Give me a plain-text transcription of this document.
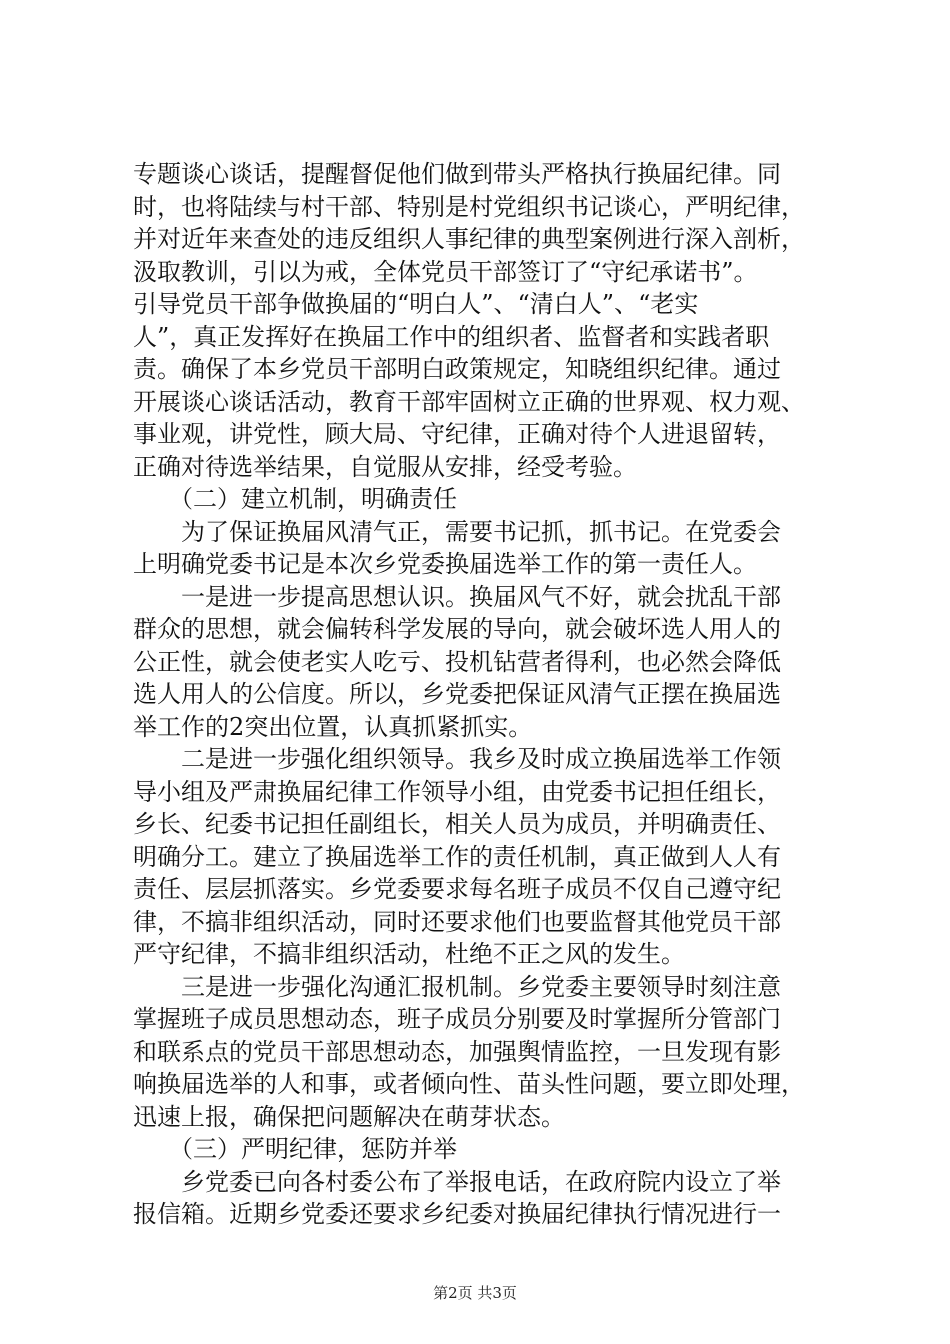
专题谈心谈话，提醒督促他们做到带头严格执行换届纪律。同
时，也将陆续与村干部、特别是村党组织书记谈心，严明纪律，
并对近年来查处的违反组织人事纪律的典型案例进行深入剖析，
汲取教训，引以为戒，全体党员干部签订了“守纪承诺书”。
引导党员干部争做换届的“明白人”、“清白人”、“老实
人”，真正发挥好在换届工作中的组织者、监督者和实践者职
责。确保了本乡党员干部明白政策规定，知晓组织纪律。通过
开展谈心谈话活动，教育干部牢固树立正确的世界观、权力观、
事业观，讲党性，顾大局、守纪律，正确对待个人进退留转，
正确对待选举结果，自觉服从安排，经受考验。
　　（二）建立机制，明确责任
　　为了保证换届风清气正，需要书记抓，抓书记。在党委会
上明确党委书记是本次乡党委换届选举工作的第一责任人。
　　一是进一步提高思想认识。换届风气不好，就会扰乱干部
群众的思想，就会偏转科学发展的导向，就会破坏选人用人的
公正性，就会使老实人吃亏、投机钻营者得利，也必然会降低
选人用人的公信度。所以，乡党委把保证风清气正摆在换届选
举工作的2突出位置，认真抓紧抓实。
　　二是进一步强化组织领导。我乡及时成立换届选举工作领
导小组及严肃换届纪律工作领导小组，由党委书记担任组长，
乡长、纪委书记担任副组长，相关人员为成员，并明确责任、
明确分工。建立了换届选举工作的责任机制，真正做到人人有
责任、层层抓落实。乡党委要求每名班子成员不仅自己遵守纪
律，不搞非组织活动，同时还要求他们也要监督其他党员干部
严守纪律，不搞非组织活动，杜绝不正之风的发生。
　　三是进一步强化沟通汇报机制。乡党委主要领导时刻注意
掌握班子成员思想动态，班子成员分别要及时掌握所分管部门
和联系点的党员干部思想动态，加强舆情监控，一旦发现有影
响换届选举的人和事，或者倾向性、苗头性问题，要立即处理，
迅速上报，确保把问题解决在萌芽状态。
　　（三）严明纪律，惩防并举
　　乡党委已向各村委公布了举报电话，在政府院内设立了举
报信箱。近期乡党委还要求乡纪委对换届纪律执行情况进行一
第2页 共3页
